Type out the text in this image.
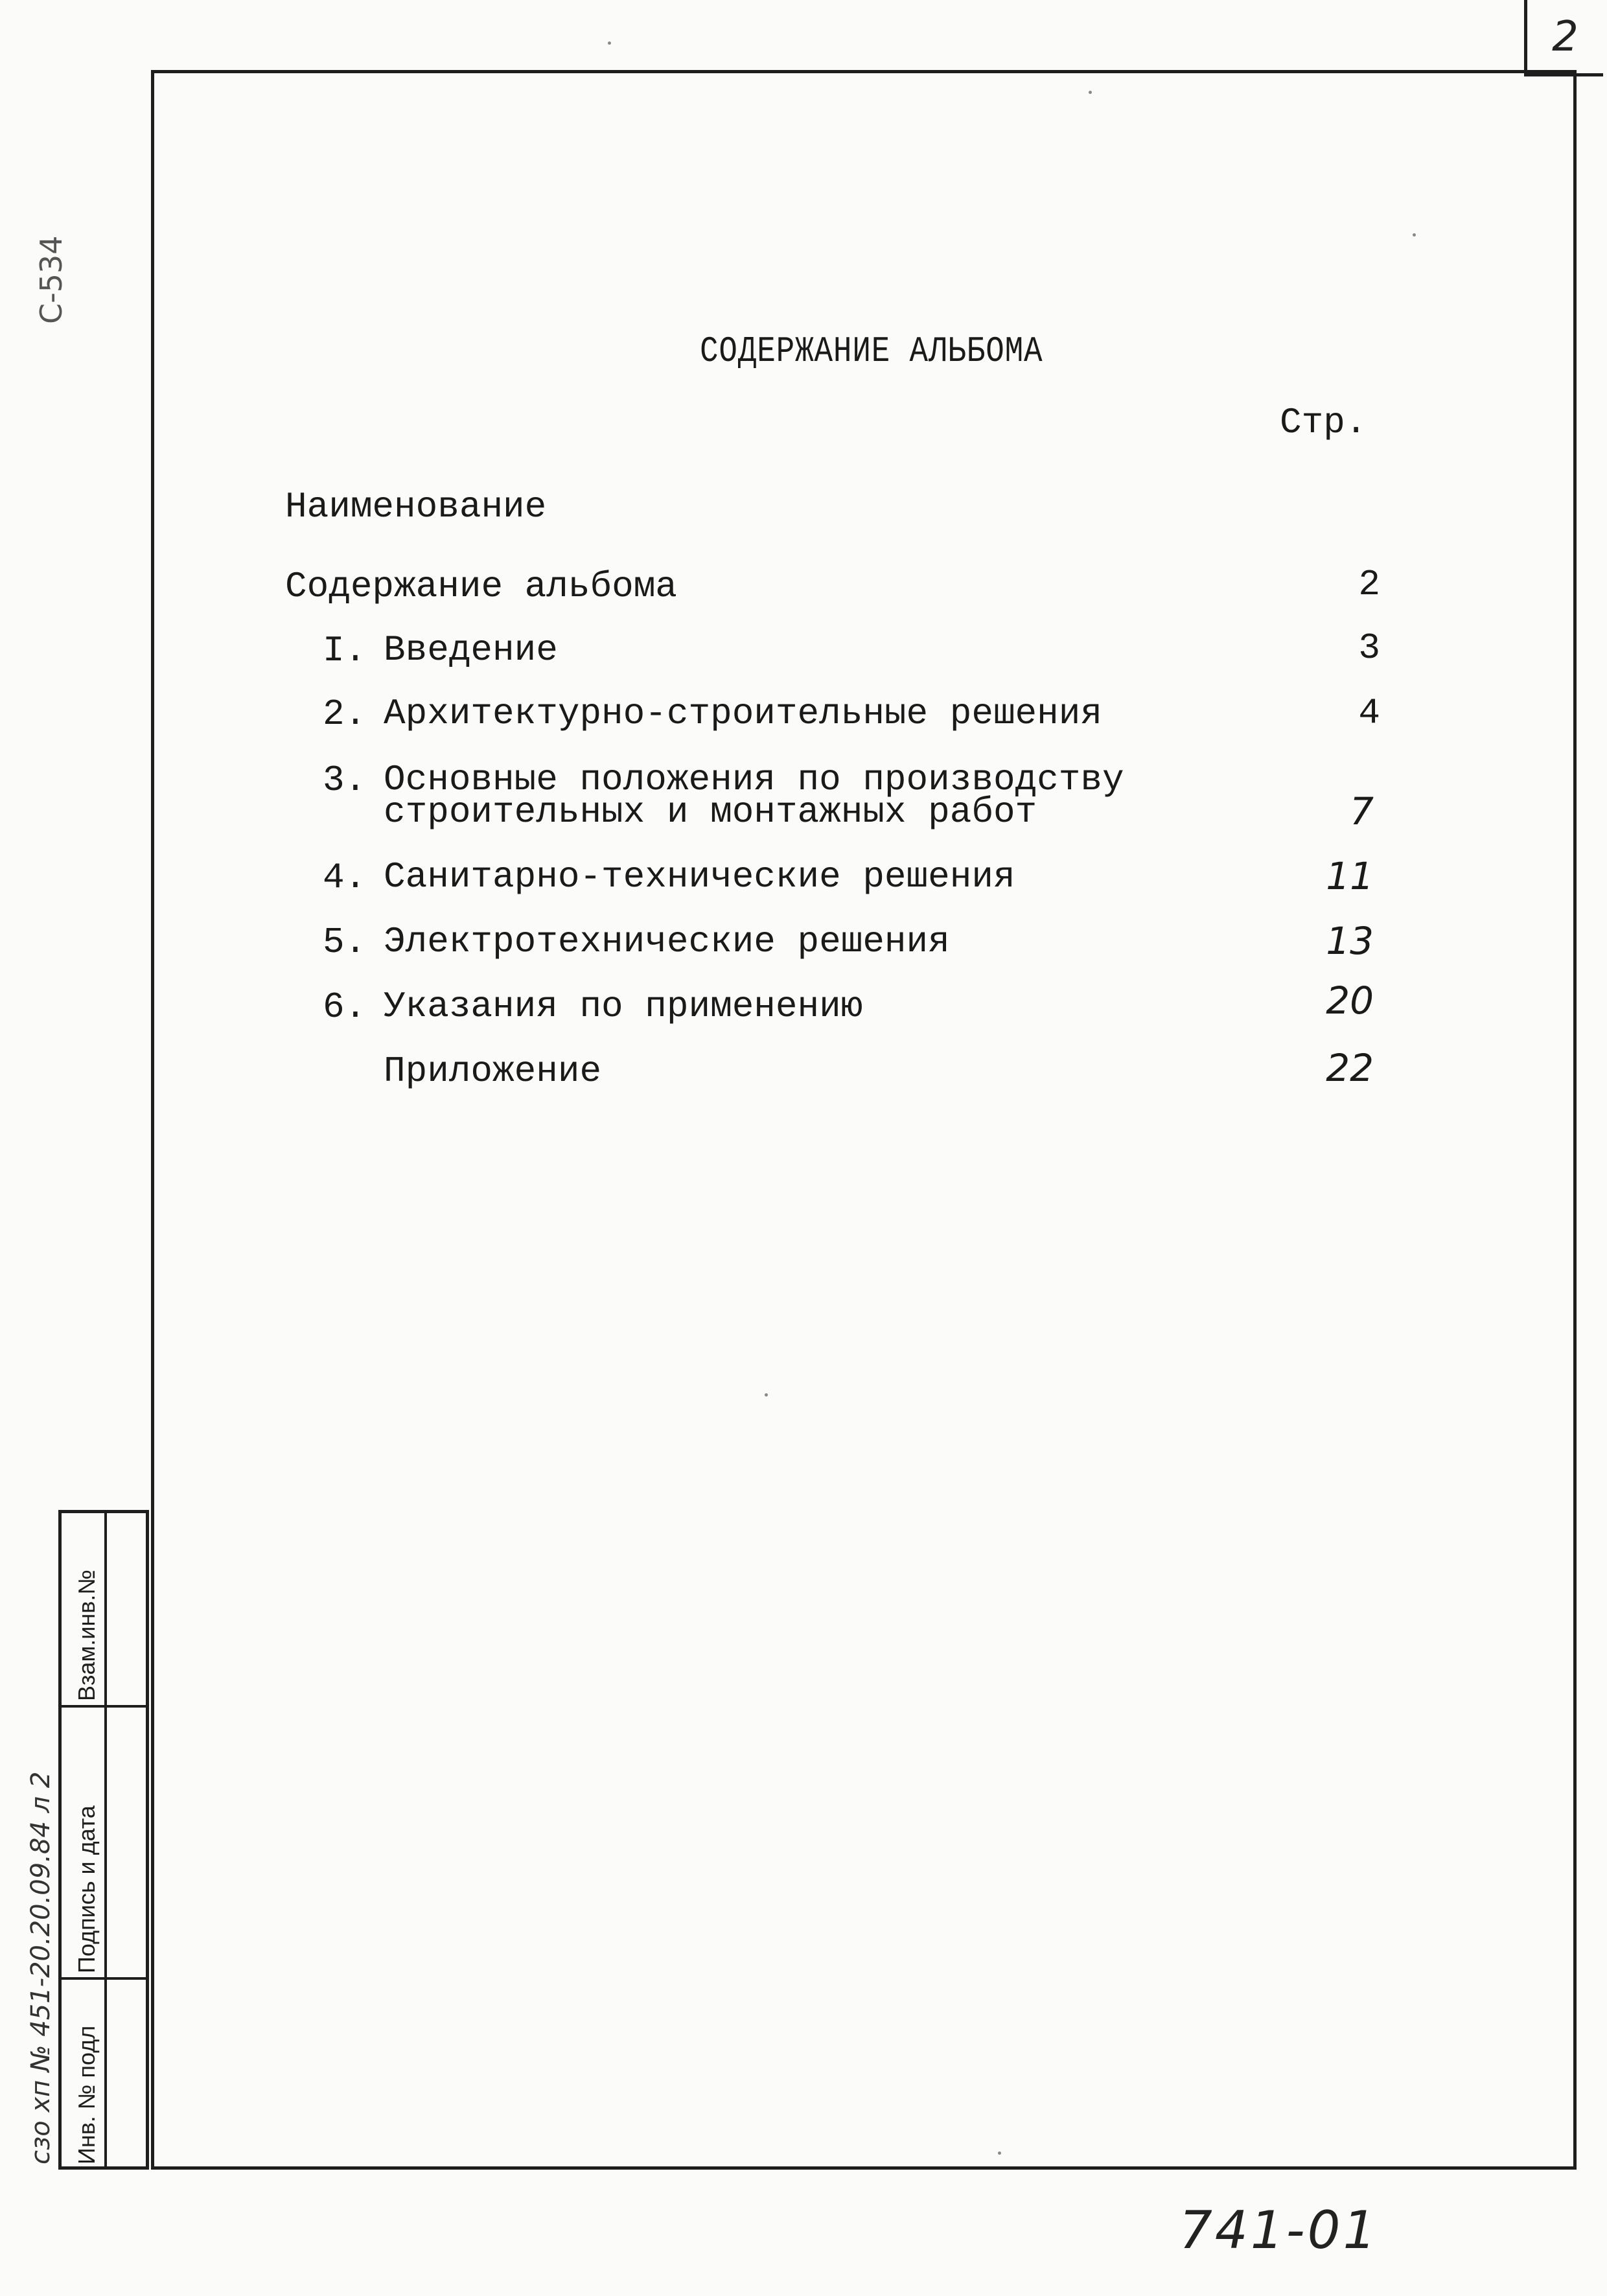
2
СОДЕРЖАНИЕ АЛЬБОМА
Стр.
Наименование
Содержание альбома	2
I. Введение	3
2. Архитектурно-строительные решения	4
3. Основные положения по производству
строительных и монтажных работ	7
4. Санитарно-технические решения	11
5. Электротехнические решения	13
6. Указания по применению	20
Приложение	22
Инв. № подл
Подпись и дата
Взам.инв.№
сзо хп № 451-20.20.09.84 л 2
С-534
741-01
